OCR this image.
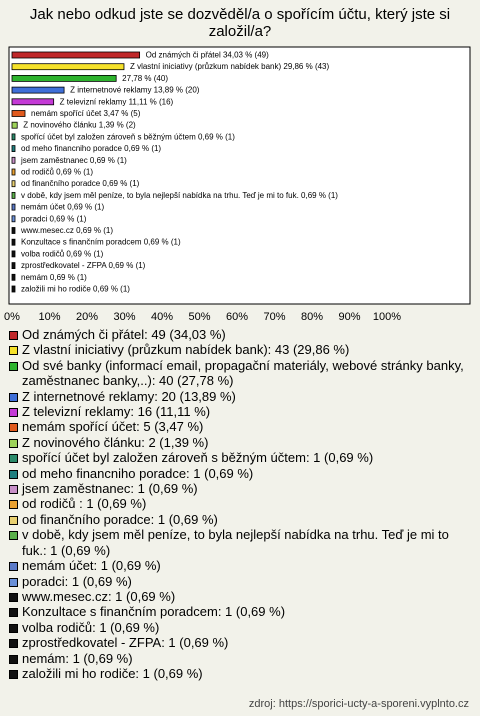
Jak nebo odkud jste se dozvěděl/a o spořícím účtu, který jste si založil/a?
Od známých či přátel 34,03 % (49)
Z vlastní iniciativy (průzkum nabídek bank) 29,86 % (43)
27,78 % (40)
Z internetnové reklamy 13,89 % (20)
Z televizní reklamy 11,11 % (16)
nemám spořící účet 3,47 % (5)
Z novinového článku 1,39 % (2)
spořící účet byl založen zároveň s běžným účtem 0,69 % (1)
od meho financniho poradce 0,69 % (1)
jsem zaměstnanec 0,69 % (1)
od rodičů 0,69 % (1)
od finančního poradce 0,69 % (1)
v době, kdy jsem měl peníze, to byla nejlepší nabídka na trhu. Teď je mi to fuk. 0,69 % (1)
nemám účet 0,69 % (1)
poradci 0,69 % (1)
www.mesec.cz 0,69 % (1)
Konzultace s finančním poradcem 0,69 % (1)
volba rodičů 0,69 % (1)
zprostředkovatel - ZFPA 0,69 % (1)
nemám 0,69 % (1)
založili mi ho rodiče 0,69 % (1)
0% 10% 20% 30% 40% 50% 60% 70% 80% 90% 100%
Od známých či přátel: 49 (34,03 %)
Z vlastní iniciativy (průzkum nabídek bank): 43 (29,86 %)
Od své banky (informací email, propagační materiály, webové stránky banky, zaměstnanec banky,..): 40 (27,78 %)
Z internetnové reklamy: 20 (13,89 %)
Z televizní reklamy: 16 (11,11 %)
nemám spořící účet: 5 (3,47 %)
Z novinového článku: 2 (1,39 %)
spořící účet byl založen zároveň s běžným účtem: 1 (0,69 %)
od meho financniho poradce: 1 (0,69 %)
jsem zaměstnanec: 1 (0,69 %)
od rodičů : 1 (0,69 %)
od finančního poradce: 1 (0,69 %)
v době, kdy jsem měl peníze, to byla nejlepší nabídka na trhu. Teď je mi to fuk.: 1 (0,69 %)
nemám účet: 1 (0,69 %)
poradci: 1 (0,69 %)
www.mesec.cz: 1 (0,69 %)
Konzultace s finančním poradcem: 1 (0,69 %)
volba rodičů: 1 (0,69 %)
zprostředkovatel - ZFPA: 1 (0,69 %)
nemám: 1 (0,69 %)
založili mi ho rodiče: 1 (0,69 %)
zdroj: https://sporici-ucty-a-sporeni.vyplnto.cz
